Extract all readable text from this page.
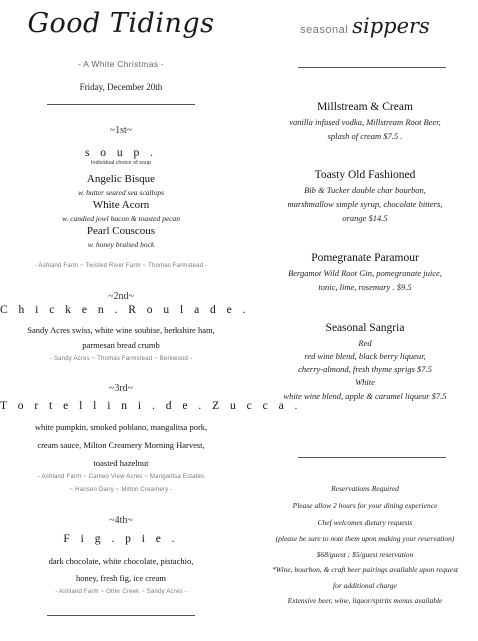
Good Tidings
- A White Christmas -
Friday, December 20th
~1st~
s o u p .
Individual choice of soup
Angelic Bisque
w. butter seared sea scallops
White Acorn
w. candied jowl bacon & toasted pecan
Pearl Couscous
w. honey braised hock
- Ashland Farm ~ Twisted River Farm ~ Thomas Farmstead -
~2nd~
C h i c k e n . R o u l a d e .
Sandy Acres swiss, white wine soubise, berkshire ham,
parmesan bread crumb
- Sandy Acres ~ Thomas Farmstead ~ Berkwood -
~3rd~
T o r t e l l i n i . d e . Z u c c a .
white pumpkin, smoked poblano, mangalitsa pork,
cream sauce, Milton Creamery Morning Harvest,
toasted hazelnut
- Ashland Farm ~ Cameo View Acres ~ Mangalitsa Estates
~ Hansen Dairy ~ Milton Creamery -
~4th~
F i g . p i e .
dark chocolate, white chocolate, pistachio,
honey, fresh fig, ice cream
- Ashland Farm ~ Otter Creek ~ Sandy Acres -
seasonal sippers
Millstream & Cream
vanilla infused vodka, Millstream Root Beer,
splash of cream $7.5 .
Toasty Old Fashioned
Bib & Tucker double char bourbon,
marshmallow simple syrup, chocolate bitters,
orange $14.5
Pomegranate Paramour
Bergamot Wild Root Gin, pomegranate juice,
tonic, lime, rosemary . $9.5
Seasonal Sangria
Red
red wine blend, black berry liqueur,
cherry-almond, fresh thyme sprigs $7.5
White
white wine blend, apple & caramel liqueur $7.5
Reservations Required
Please allow 2 hours for your dining experience
Chef welcomes dietary requests
(please be sure to note them upon making your reservation)
$68/guest ; $5/guest reservation
*Wine, bourbon, & craft beer pairings available upon request
for additional charge
Extensive beer, wine, liquor/spirits menus available
